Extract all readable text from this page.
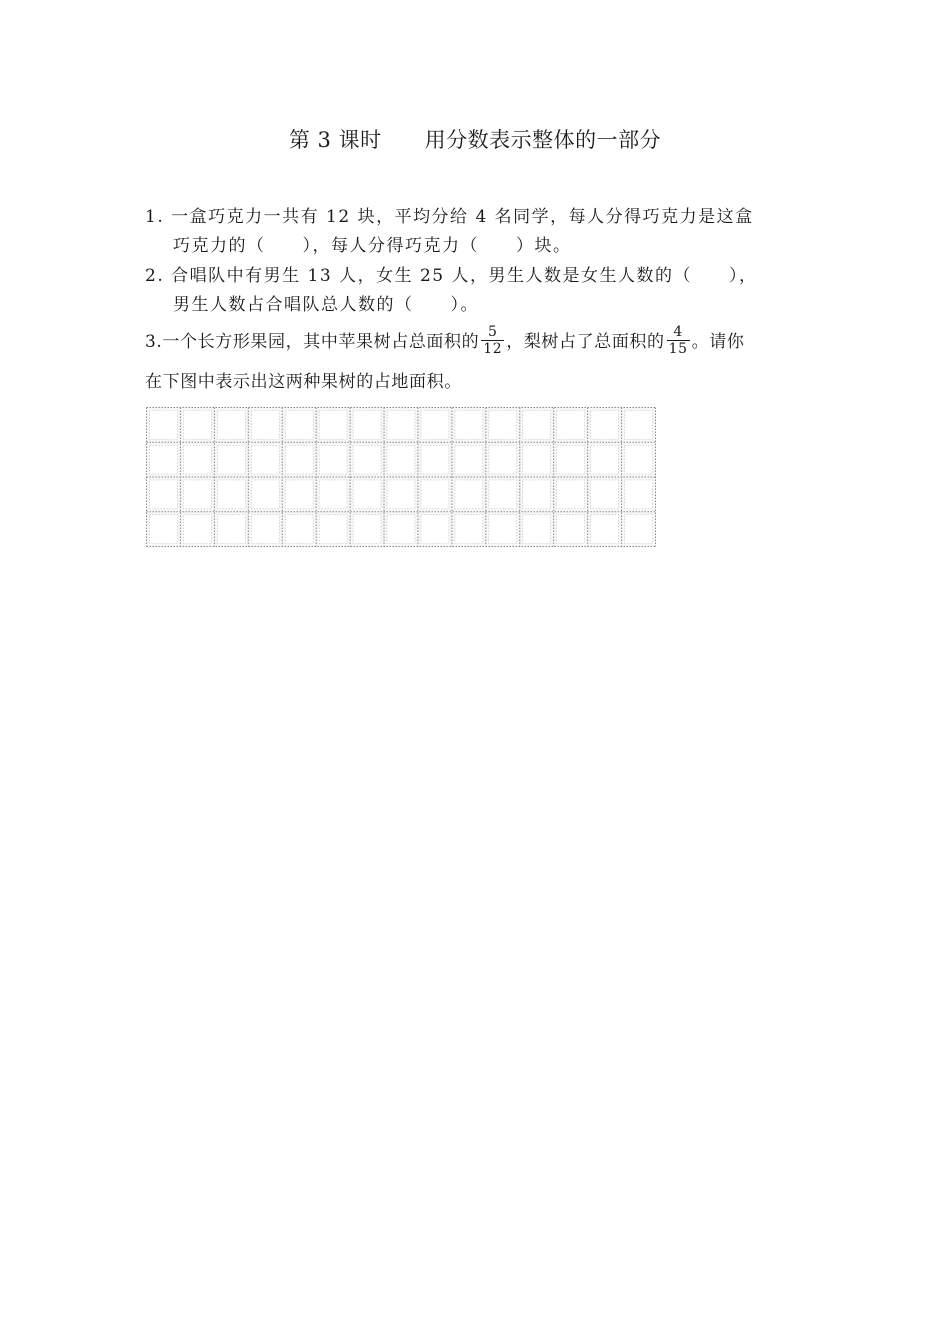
第 3 课时      用分数表示整体的一部分
1. 一盒巧克力一共有 12 块，平均分给 4 名同学，每人分得巧克力是这盒
巧克力的（　　），每人分得巧克力（　　）块。
2. 合唱队中有男生 13 人，女生 25 人，男生人数是女生人数的（　　），
男生人数占合唱队总人数的（　　）。
3.一个长方形果园，其中苹果树占总面积的 $\frac{5}{12}$ ，梨树占了总面积的 $\frac{4}{15}$ 。请你
在下图中表示出这两种果树的占地面积。
